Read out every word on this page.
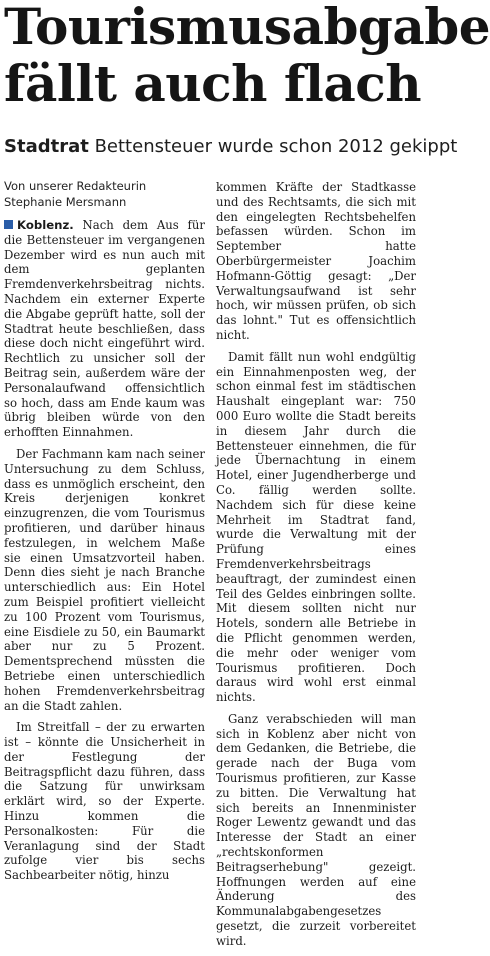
Tourismusabgabe
fällt auch flach

Stadtrat Bettensteuer wurde schon 2012 gekippt

Von unserer Redakteurin
Stephanie Mersmann

Koblenz. Nach dem Aus für die Bettensteuer im vergangenen Dezember wird es nun auch mit dem geplanten Fremdenverkehrsbeitrag nichts. Nachdem ein externer Experte die Abgabe geprüft hatte, soll der Stadtrat heute beschließen, dass diese doch nicht eingeführt wird. Rechtlich zu unsicher soll der Beitrag sein, außerdem wäre der Personalaufwand offensichtlich so hoch, dass am Ende kaum was übrig bleiben würde von den erhofften Einnahmen.

Der Fachmann kam nach seiner Untersuchung zu dem Schluss, dass es unmöglich erscheint, den Kreis derjenigen konkret einzugrenzen, die vom Tourismus profitieren, und darüber hinaus festzulegen, in welchem Maße sie einen Umsatzvorteil haben. Denn dies sieht je nach Branche unterschiedlich aus: Ein Hotel zum Beispiel profitiert vielleicht zu 100 Prozent vom Tourismus, eine Eisdiele zu 50, ein Baumarkt aber nur zu 5 Prozent. Dementsprechend müssten die Betriebe einen unterschiedlich hohen Fremdenverkehrsbeitrag an die Stadt zahlen.

Im Streitfall – der zu erwarten ist – könnte die Unsicherheit in der Festlegung der Beitragspflicht dazu führen, dass die Satzung für unwirksam erklärt wird, so der Experte. Hinzu kommen die Personalkosten: Für die Veranlagung sind der Stadt zufolge vier bis sechs Sachbearbeiter nötig, hinzu

kommen Kräfte der Stadtkasse und des Rechtsamts, die sich mit den eingelegten Rechtsbehelfen befassen würden. Schon im September hatte Oberbürgermeister Joachim Hofmann-Göttig gesagt: „Der Verwaltungsaufwand ist sehr hoch, wir müssen prüfen, ob sich das lohnt." Tut es offensichtlich nicht.

Damit fällt nun wohl endgültig ein Einnahmenposten weg, der schon einmal fest im städtischen Haushalt eingeplant war: 750 000 Euro wollte die Stadt bereits in diesem Jahr durch die Bettensteuer einnehmen, die für jede Übernachtung in einem Hotel, einer Jugendherberge und Co. fällig werden sollte. Nachdem sich für diese keine Mehrheit im Stadtrat fand, wurde die Verwaltung mit der Prüfung eines Fremdenverkehrsbeitrags beauftragt, der zumindest einen Teil des Geldes einbringen sollte. Mit diesem sollten nicht nur Hotels, sondern alle Betriebe in die Pflicht genommen werden, die mehr oder weniger vom Tourismus profitieren. Doch daraus wird wohl erst einmal nichts.

Ganz verabschieden will man sich in Koblenz aber nicht von dem Gedanken, die Betriebe, die gerade nach der Buga vom Tourismus profitieren, zur Kasse zu bitten. Die Verwaltung hat sich bereits an Innenminister Roger Lewentz gewandt und das Interesse der Stadt an einer „rechtskonformen Beitragserhebung" gezeigt. Hoffnungen werden auf eine Änderung des Kommunalabgabengesetzes gesetzt, die zurzeit vorbereitet wird.
